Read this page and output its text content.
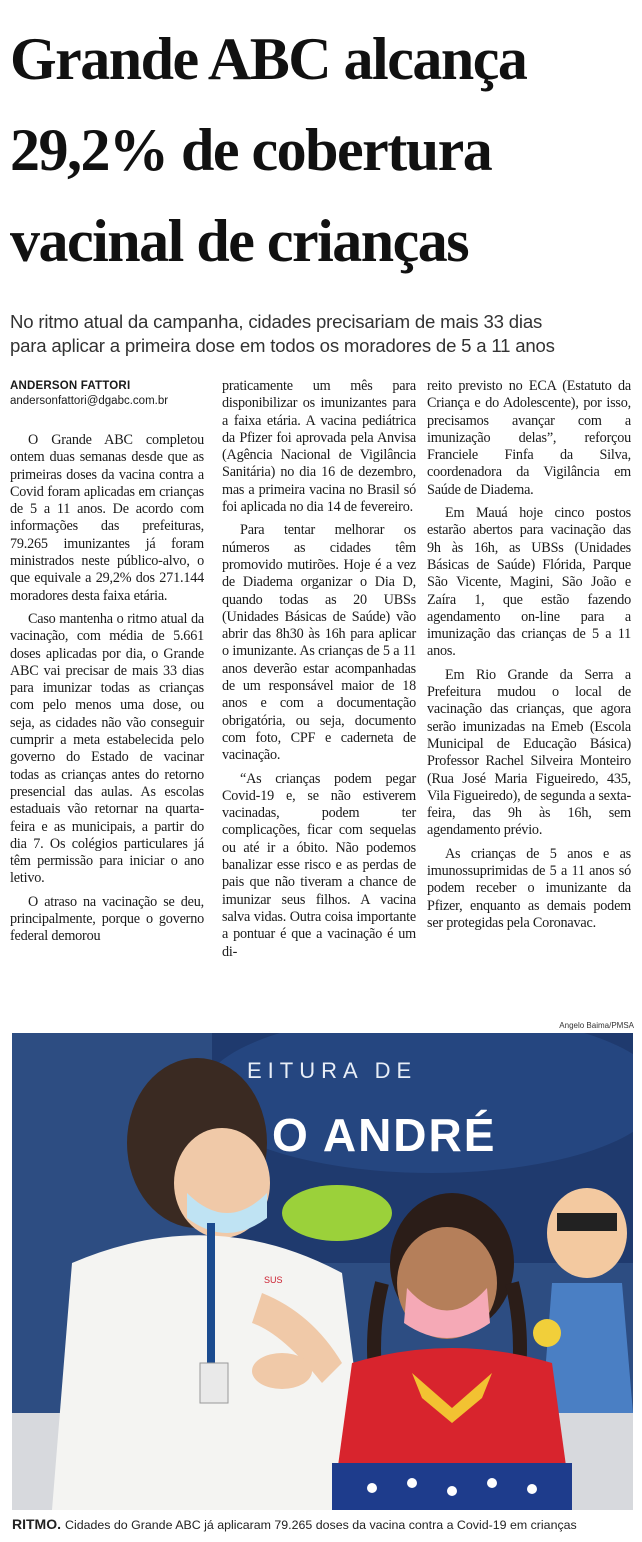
Grande ABC alcança
29,2% de cobertura
vacinal de crianças
No ritmo atual da campanha, cidades precisariam de mais 33 dias
para aplicar a primeira dose em todos os moradores de 5 a 11 anos
ANDERSON FATTORI
andersonfattori@dgabc.com.br

O Grande ABC completou ontem duas semanas desde que as primeiras doses da vacina contra a Covid foram aplicadas em crianças de 5 a 11 anos. De acordo com informações das prefeituras, 79.265 imunizantes já foram ministrados neste público-alvo, o que equivale a 29,2% dos 271.144 moradores desta faixa etária.

Caso mantenha o ritmo atual da vacinação, com média de 5.661 doses aplicadas por dia, o Grande ABC vai precisar de mais 33 dias para imunizar todas as crianças com pelo menos uma dose, ou seja, as cidades não vão conseguir cumprir a meta estabelecida pelo governo do Estado de vacinar todas as crianças antes do retorno presencial das aulas. As escolas estaduais vão retornar na quarta-feira e as municipais, a partir do dia 7. Os colégios particulares já têm permissão para iniciar o ano letivo.

O atraso na vacinação se deu, principalmente, porque o governo federal demorou

praticamente um mês para disponibilizar os imunizantes para a faixa etária. A vacina pediátrica da Pfizer foi aprovada pela Anvisa (Agência Nacional de Vigilância Sanitária) no dia 16 de dezembro, mas a primeira vacina no Brasil só foi aplicada no dia 14 de fevereiro.

Para tentar melhorar os números as cidades têm promovido mutirões. Hoje é a vez de Diadema organizar o Dia D, quando todas as 20 UBSs (Unidades Básicas de Saúde) vão abrir das 8h30 às 16h para aplicar o imunizante. As crianças de 5 a 11 anos deverão estar acompanhadas de um responsável maior de 18 anos e com a documentação obrigatória, ou seja, documento com foto, CPF e caderneta de vacinação.

“As crianças podem pegar Covid-19 e, se não estiverem vacinadas, podem ter complicações, ficar com sequelas ou até ir a óbito. Não podemos banalizar esse risco e as perdas de pais que não tiveram a chance de imunizar seus filhos. A vacina salva vidas. Outra coisa importante a pontuar é que a vacinação é um di-

reito previsto no ECA (Estatuto da Criança e do Adolescente), por isso, precisamos avançar com a imunização delas”, reforçou Franciele Finfa da Silva, coordenadora da Vigilância em Saúde de Diadema.

Em Mauá hoje cinco postos estarão abertos para vacinação das 9h às 16h, as UBSs (Unidades Básicas de Saúde) Flórida, Parque São Vicente, Magini, São João e Zaíra 1, que estão fazendo agendamento on-line para a imunização das crianças de 5 a 11 anos.

Em Rio Grande da Serra a Prefeitura mudou o local de vacinação das crianças, que agora serão imunizadas na Emeb (Escola Municipal de Educação Básica) Professor Rachel Silveira Monteiro (Rua José Maria Figueiredo, 435, Vila Figueiredo), de segunda a sexta-feira, das 9h às 16h, sem agendamento prévio.

As crianças de 5 anos e as imunossuprimidas de 5 a 11 anos só podem receber o imunizante da Pfizer, enquanto as demais podem ser protegidas pela Coronavac.

Angelo Baima/PMSA
EITURA DE
O ANDRÉ
SUS
RITMO. Cidades do Grande ABC já aplicaram 79.265 doses da vacina contra a Covid-19 em crianças
